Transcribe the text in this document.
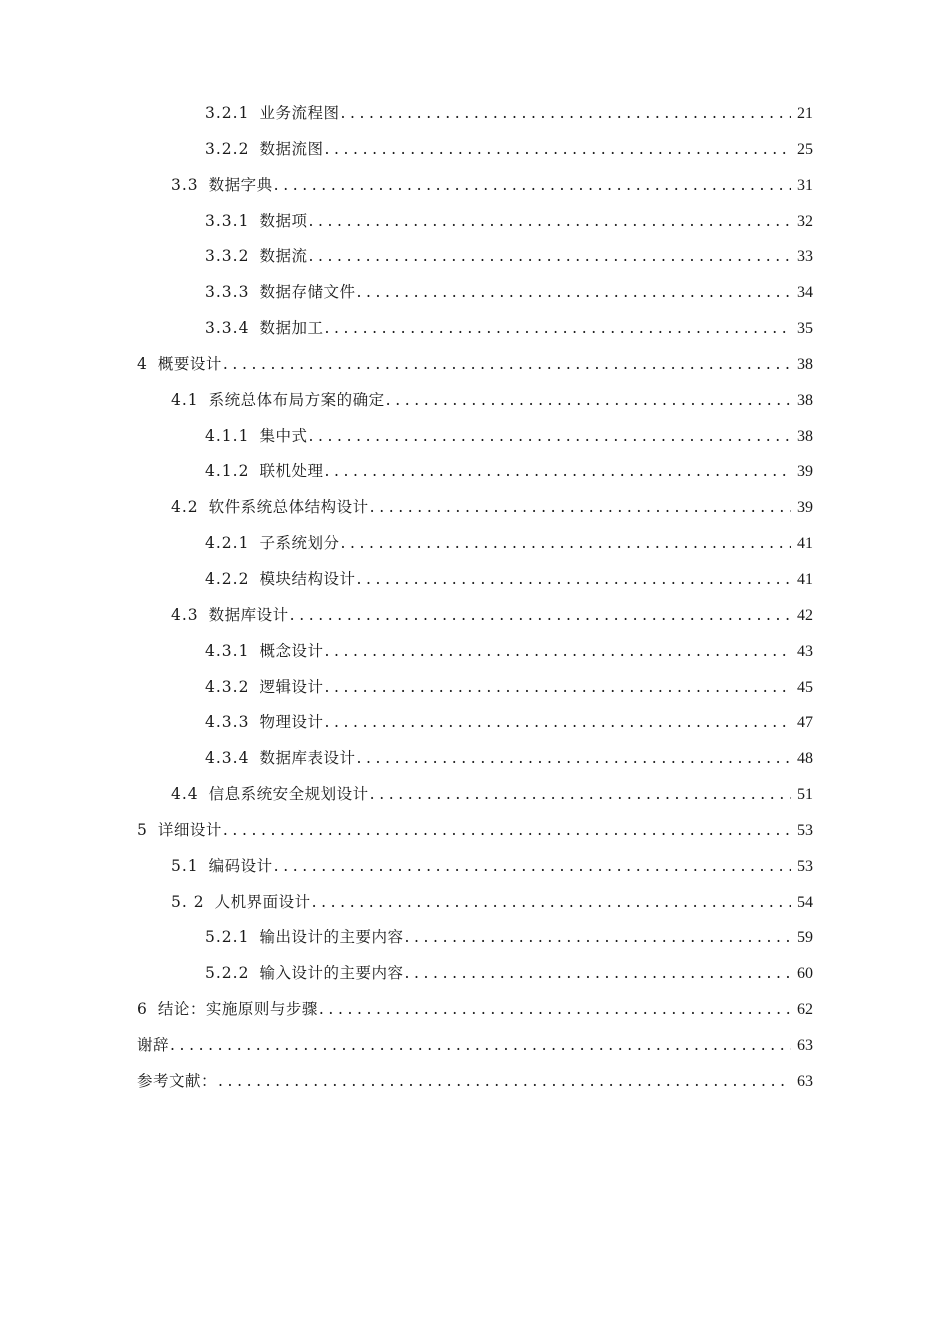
3.2.1 业务流程图 .....	21
3.2.2 数据流图 .....	25
3.3 数据字典 .....	31
3.3.1 数据项 .....	32
3.3.2 数据流 .....	33
3.3.3 数据存储文件 .....	34
3.3.4 数据加工 .....	35
4 概要设计 .....	38
4.1 系统总体布局方案的确定 .....	38
4.1.1 集中式 .....	38
4.1.2 联机处理 .....	39
4.2 软件系统总体结构设计 .....	39
4.2.1 子系统划分 .....	41
4.2.2 模块结构设计 .....	41
4.3 数据库设计 .....	42
4.3.1 概念设计 .....	43
4.3.2 逻辑设计 .....	45
4.3.3 物理设计 .....	47
4.3.4 数据库表设计 .....	48
4.4 信息系统安全规划设计 .....	51
5 详细设计 .....	53
5.1 编码设计 .....	53
5. 2 人机界面设计 .....	54
5.2.1 输出设计的主要内容 .....	59
5.2.2 输入设计的主要内容 .....	60
6 结论：实施原则与步骤 .....	62
谢辞 .....	63
参考文献： .....	63
